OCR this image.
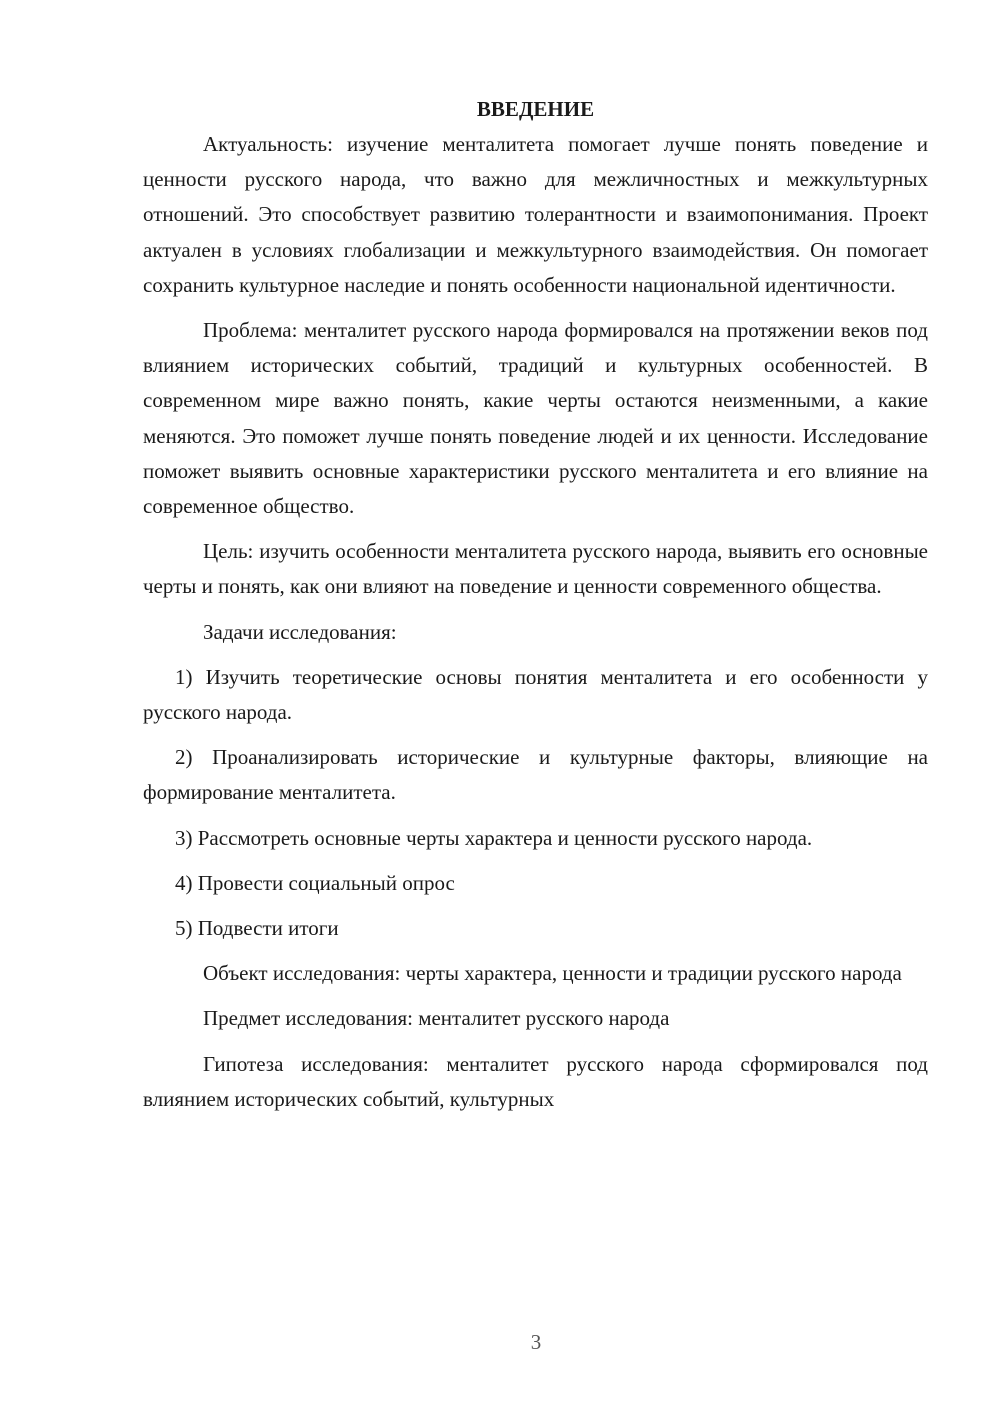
ВВЕДЕНИЕ

Актуальность: изучение менталитета помогает лучше понять поведение и ценности русского народа, что важно для межличностных и межкультурных отношений. Это способствует развитию толерантности и взаимопонимания. Проект актуален в условиях глобализации и межкультурного взаимодействия. Он помогает сохранить культурное наследие и понять особенности национальной идентичности.

Проблема: менталитет русского народа формировался на протяжении веков под влиянием исторических событий, традиций и культурных особенностей. В современном мире важно понять, какие черты остаются неизменными, а какие меняются. Это поможет лучше понять поведение людей и их ценности. Исследование поможет выявить основные характеристики русского менталитета и его влияние на современное общество.

Цель: изучить особенности менталитета русского народа, выявить его основные черты и понять, как они влияют на поведение и ценности современного общества.

Задачи исследования:

1) Изучить теоретические основы понятия менталитета и его особенности у русского народа.

2) Проанализировать исторические и культурные факторы, влияющие на формирование менталитета.

3) Рассмотреть основные черты характера и ценности русского народа.

4) Провести социальный опрос

5) Подвести итоги

Объект исследования: черты характера, ценности и традиции русского народа

Предмет исследования: менталитет русского народа

Гипотеза исследования: менталитет русского народа сформировался под влиянием исторических событий, культурных

3
